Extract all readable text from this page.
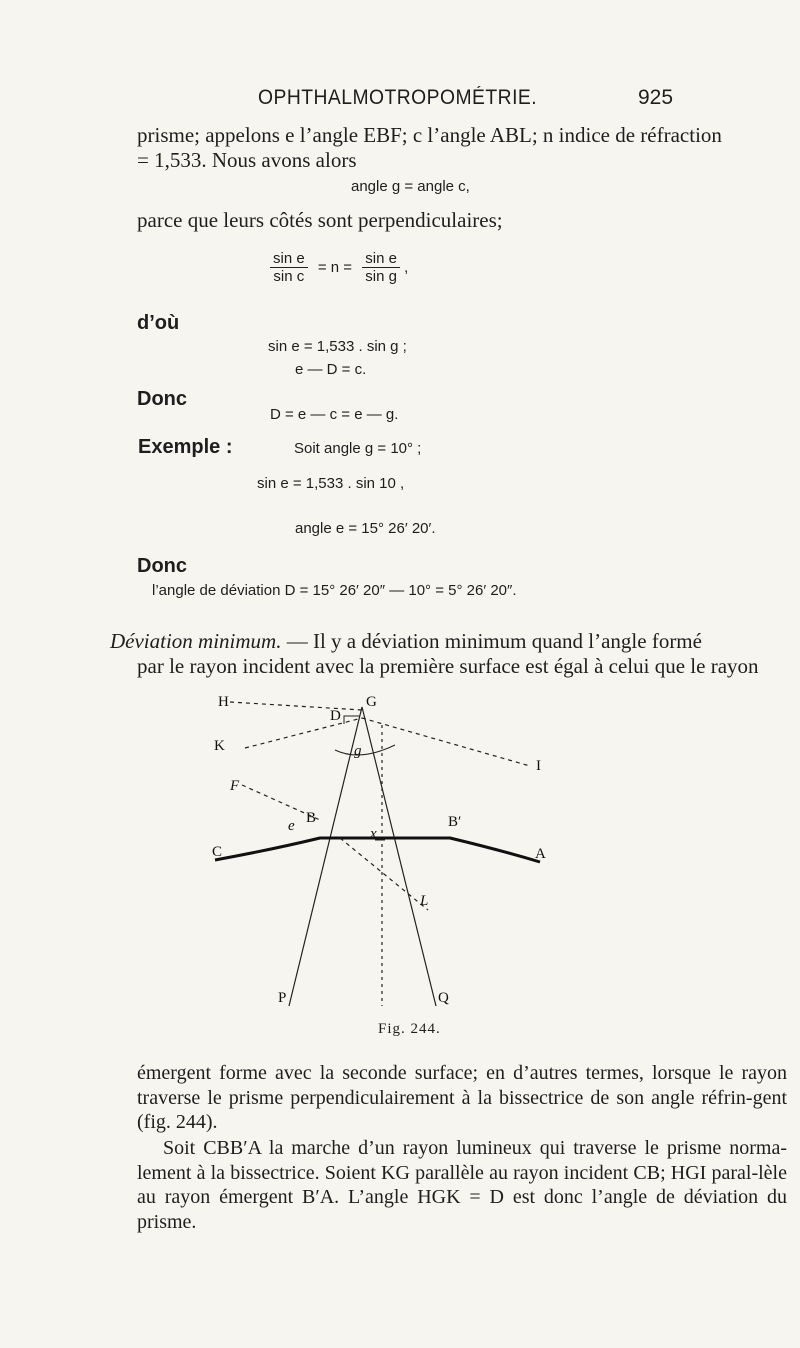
OPHTHALMOTROPOMÉTRIE.	925
prisme; appelons e l’angle EBF; c l’angle ABL; n indice de réfraction
= 1,533. Nous avons alors
angle g = angle c,
parce que leurs côtés sont perpendiculaires;
$\frac{\text{sin e}}{\text{sin c}} = n = \frac{\text{sin e}}{\text{sin g}}$ ,
d’où
sin e = 1,533 . sin g ;
e — D = c.
Donc
D = e — c = e — g.
Exemple :	Soit angle g = 10° ;
sin e = 1,533 . sin 10 ,
angle e = 15° 26′ 20′.
Donc
l’angle de déviation D = 15° 26′ 20″ — 10° = 5° 26′ 20″.
Déviation minimum. — Il y a déviation minimum quand l’angle formé
par le rayon incident avec la première surface est égal à celui que le rayon
H	G
D
K
I
g
F
B	B′
C	A
e	x
L
P	Q
Fig. 244.
émergent forme avec la seconde surface; en d’autres termes, lorsque le rayon traverse le prisme perpendiculairement à la bissectrice de son angle réfrin-gent (fig. 244).
Soit CBB′A la marche d’un rayon lumineux qui traverse le prisme norma-lement à la bissectrice. Soient KG parallèle au rayon incident CB; HGI paral-lèle au rayon émergent B′A. L’angle HGK = D est donc l’angle de déviation du prisme.
